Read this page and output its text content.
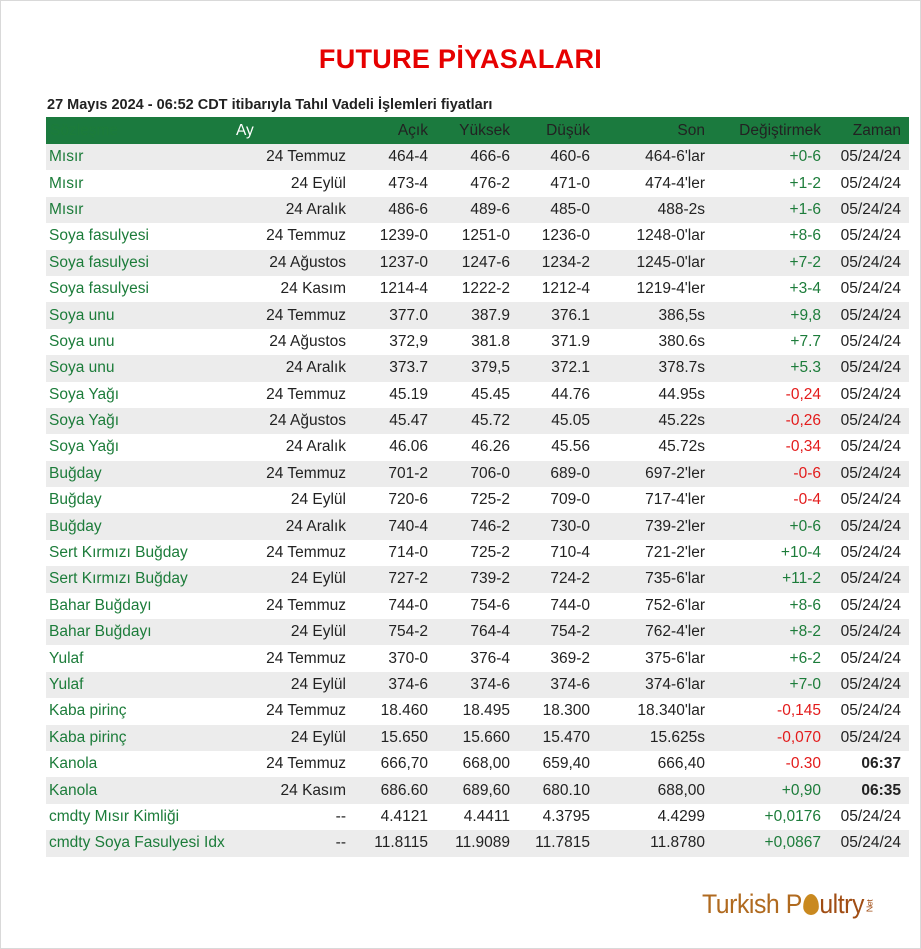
FUTURE PİYASALARI
27 Mayıs 2024 - 06:52 CDT itibarıyla Tahıl Vadeli İşlemleri fiyatları
Sözleşme	Ay	Açık	Yüksek	Düşük	Son	Değiştirmek	Zaman
Mısır	24 Temmuz	464-4	466-6	460-6	464-6'lar	+0-6	05/24/24
Mısır	24 Eylül	473-4	476-2	471-0	474-4'ler	+1-2	05/24/24
Mısır	24 Aralık	486-6	489-6	485-0	488-2s	+1-6	05/24/24
Soya fasulyesi	24 Temmuz	1239-0	1251-0	1236-0	1248-0'lar	+8-6	05/24/24
Soya fasulyesi	24 Ağustos	1237-0	1247-6	1234-2	1245-0'lar	+7-2	05/24/24
Soya fasulyesi	24 Kasım	1214-4	1222-2	1212-4	1219-4'ler	+3-4	05/24/24
Soya unu	24 Temmuz	377.0	387.9	376.1	386,5s	+9,8	05/24/24
Soya unu	24 Ağustos	372,9	381.8	371.9	380.6s	+7.7	05/24/24
Soya unu	24 Aralık	373.7	379,5	372.1	378.7s	+5.3	05/24/24
Soya Yağı	24 Temmuz	45.19	45.45	44.76	44.95s	-0,24	05/24/24
Soya Yağı	24 Ağustos	45.47	45.72	45.05	45.22s	-0,26	05/24/24
Soya Yağı	24 Aralık	46.06	46.26	45.56	45.72s	-0,34	05/24/24
Buğday	24 Temmuz	701-2	706-0	689-0	697-2'ler	-0-6	05/24/24
Buğday	24 Eylül	720-6	725-2	709-0	717-4'ler	-0-4	05/24/24
Buğday	24 Aralık	740-4	746-2	730-0	739-2'ler	+0-6	05/24/24
Sert Kırmızı Buğday	24 Temmuz	714-0	725-2	710-4	721-2'ler	+10-4	05/24/24
Sert Kırmızı Buğday	24 Eylül	727-2	739-2	724-2	735-6'lar	+11-2	05/24/24
Bahar Buğdayı	24 Temmuz	744-0	754-6	744-0	752-6'lar	+8-6	05/24/24
Bahar Buğdayı	24 Eylül	754-2	764-4	754-2	762-4'ler	+8-2	05/24/24
Yulaf	24 Temmuz	370-0	376-4	369-2	375-6'lar	+6-2	05/24/24
Yulaf	24 Eylül	374-6	374-6	374-6	374-6'lar	+7-0	05/24/24
Kaba pirinç	24 Temmuz	18.460	18.495	18.300	18.340'lar	-0,145	05/24/24
Kaba pirinç	24 Eylül	15.650	15.660	15.470	15.625s	-0,070	05/24/24
Kanola	24 Temmuz	666,70	668,00	659,40	666,40	-0.30	06:37
Kanola	24 Kasım	686.60	689,60	680.10	688,00	+0,90	06:35
cmdty Mısır Kimliği	--	4.4121	4.4411	4.3795	4.4299	+0,0176	05/24/24
cmdty Soya Fasulyesi Idx	--	11.8115	11.9089	11.7815	11.8780	+0,0867	05/24/24
Turkish P ultry Net
